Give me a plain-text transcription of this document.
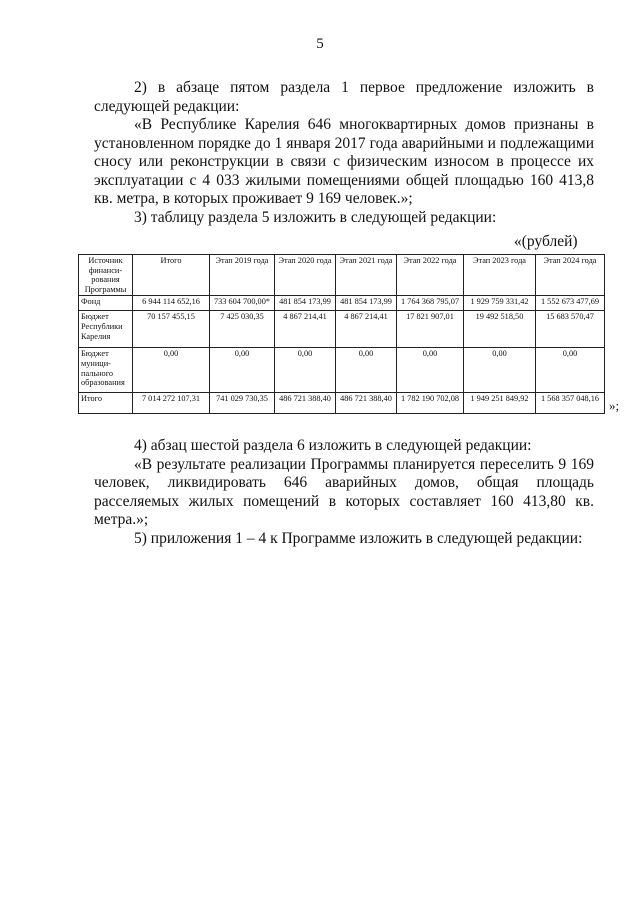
5

2) в абзаце пятом раздела 1 первое предложение изложить в следующей редакции:

«В Республике Карелия 646 многоквартирных домов признаны в установленном порядке до 1 января 2017 года аварийными и подлежащими сносу или реконструкции в связи с физическим износом в процессе их эксплуатации с 4 033 жилыми помещениями общей площадью 160 413,8 кв. метра, в которых проживает 9 169 человек.»;

3) таблицу раздела 5 изложить в следующей редакции:

«(рублей)
Источник финанси-рования Программы	Итого	Этап 2019 года	Этап 2020 года	Этап 2021 года	Этап 2022 года	Этап 2023 года	Этап 2024 года
Фонд	6 944 114 652,16	733 604 700,00*	481 854 173,99	481 854 173,99	1 764 368 795,07	1 929 759 331,42	1 552 673 477,69
Бюджет Республики Карелия	70 157 455,15	7 425 030,35	4 867 214,41	4 867 214,41	17 821 907,01	19 492 518,50	15 683 570,47
Бюджет муници-пального образования	0,00	0,00	0,00	0,00	0,00	0,00	0,00
Итого	7 014 272 107,31	741 029 730,35	486 721 388,40	486 721 388,40	1 782 190 702,08	1 949 251 849,92	1 568 357 048,16 »;

4) абзац шестой раздела 6 изложить в следующей редакции:

«В результате реализации Программы планируется переселить 9 169 человек, ликвидировать 646 аварийных домов, общая площадь расселяемых жилых помещений в которых составляет 160 413,80 кв. метра.»;

5) приложения 1 – 4 к Программе изложить в следующей редакции:
